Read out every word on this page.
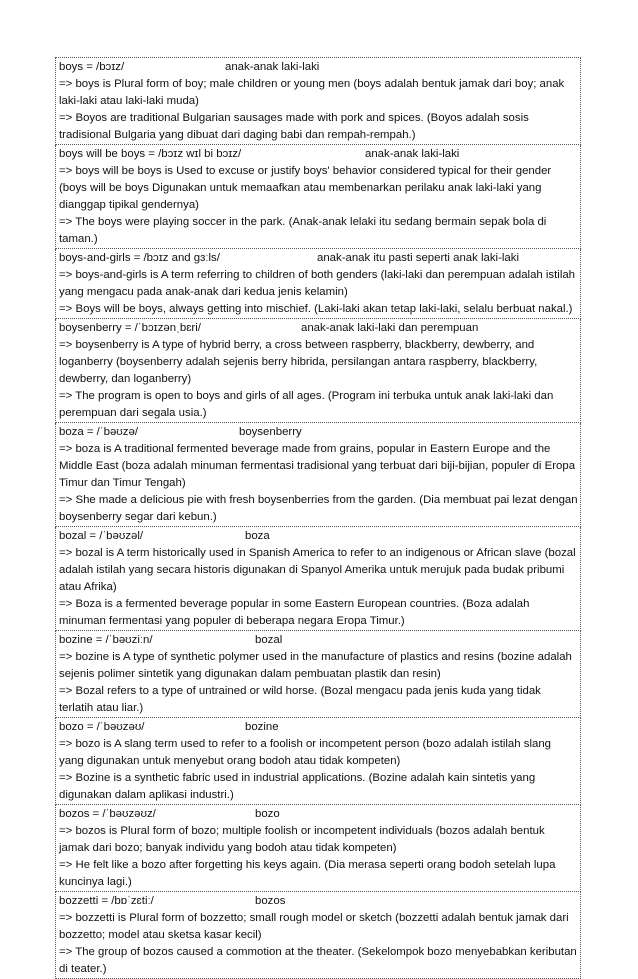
boys = /bɔɪz/	anak-anak laki-laki
=> boys is Plural form of boy; male children or young men (boys adalah bentuk jamak dari boy; anak laki-laki atau laki-laki muda)
=> Boyos are traditional Bulgarian sausages made with pork and spices. (Boyos adalah sosis tradisional Bulgaria yang dibuat dari daging babi dan rempah-rempah.)
boys will be boys = /bɔɪz wɪl bi bɔɪz/	anak-anak laki-laki
=> boys will be boys is Used to excuse or justify boys' behavior considered typical for their gender (boys will be boys Digunakan untuk memaafkan atau membenarkan perilaku anak laki-laki yang dianggap tipikal gendernya)
=> The boys were playing soccer in the park. (Anak-anak lelaki itu sedang bermain sepak bola di taman.)
boys-and-girls = /bɔɪz and gɜːls/	anak-anak itu pasti seperti anak laki-laki
=> boys-and-girls is A term referring to children of both genders (laki-laki dan perempuan adalah istilah yang mengacu pada anak-anak dari kedua jenis kelamin)
=> Boys will be boys, always getting into mischief. (Laki-laki akan tetap laki-laki, selalu berbuat nakal.)
boysenberry = /ˈbɔɪzənˌbɛri/	anak-anak laki-laki dan perempuan
=> boysenberry is A type of hybrid berry, a cross between raspberry, blackberry, dewberry, and loganberry (boysenberry adalah sejenis berry hibrida, persilangan antara raspberry, blackberry, dewberry, dan loganberry)
=> The program is open to boys and girls of all ages. (Program ini terbuka untuk anak laki-laki dan perempuan dari segala usia.)
boza = /ˈbəʊzə/	boysenberry
=> boza is A traditional fermented beverage made from grains, popular in Eastern Europe and the Middle East (boza adalah minuman fermentasi tradisional yang terbuat dari biji-bijian, populer di Eropa Timur dan Timur Tengah)
=> She made a delicious pie with fresh boysenberries from the garden. (Dia membuat pai lezat dengan boysenberry segar dari kebun.)
bozal = /ˈbəʊzəl/	boza
=> bozal is A term historically used in Spanish America to refer to an indigenous or African slave (bozal adalah istilah yang secara historis digunakan di Spanyol Amerika untuk merujuk pada budak pribumi atau Afrika)
=> Boza is a fermented beverage popular in some Eastern European countries. (Boza adalah minuman fermentasi yang populer di beberapa negara Eropa Timur.)
bozine = /ˈbəʊziːn/	bozal
=> bozine is A type of synthetic polymer used in the manufacture of plastics and resins (bozine adalah sejenis polimer sintetik yang digunakan dalam pembuatan plastik dan resin)
=> Bozal refers to a type of untrained or wild horse. (Bozal mengacu pada jenis kuda yang tidak terlatih atau liar.)
bozo = /ˈbəʊzəʊ/	bozine
=> bozo is A slang term used to refer to a foolish or incompetent person (bozo adalah istilah slang yang digunakan untuk menyebut orang bodoh atau tidak kompeten)
=> Bozine is a synthetic fabric used in industrial applications. (Bozine adalah kain sintetis yang digunakan dalam aplikasi industri.)
bozos = /ˈbəʊzəʊz/	bozo
=> bozos is Plural form of bozo; multiple foolish or incompetent individuals (bozos adalah bentuk jamak dari bozo; banyak individu yang bodoh atau tidak kompeten)
=> He felt like a bozo after forgetting his keys again. (Dia merasa seperti orang bodoh setelah lupa kuncinya lagi.)
bozzetti = /bɒˈzɛtiː/	bozos
=> bozzetti is Plural form of bozzetto; small rough model or sketch (bozzetti adalah bentuk jamak dari bozzetto; model atau sketsa kasar kecil)
=> The group of bozos caused a commotion at the theater. (Sekelompok bozo menyebabkan keributan di teater.)
